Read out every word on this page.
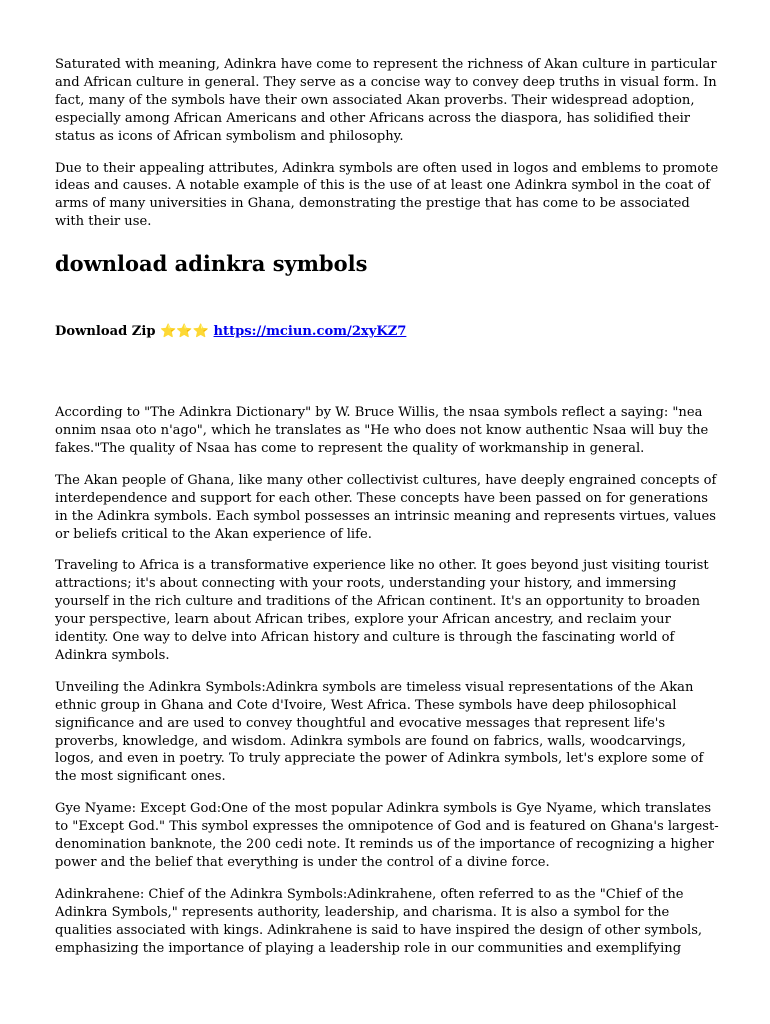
Saturated with meaning, Adinkra have come to represent the richness of Akan culture in particular and African culture in general. They serve as a concise way to convey deep truths in visual form. In fact, many of the symbols have their own associated Akan proverbs. Their widespread adoption, especially among African Americans and other Africans across the diaspora, has solidified their status as icons of African symbolism and philosophy.

Due to their appealing attributes, Adinkra symbols are often used in logos and emblems to promote ideas and causes. A notable example of this is the use of at least one Adinkra symbol in the coat of arms of many universities in Ghana, demonstrating the prestige that has come to be associated with their use.

download adinkra symbols
Download Zip ⭐⭐⭐ https://mciun.com/2xyKZ7

According to "The Adinkra Dictionary" by W. Bruce Willis, the nsaa symbols reflect a saying: "nea onnim nsaa oto n'ago", which he translates as "He who does not know authentic Nsaa will buy the fakes."The quality of Nsaa has come to represent the quality of workmanship in general.

The Akan people of Ghana, like many other collectivist cultures, have deeply engrained concepts of interdependence and support for each other. These concepts have been passed on for generations in the Adinkra symbols. Each symbol possesses an intrinsic meaning and represents virtues, values or beliefs critical to the Akan experience of life.

Traveling to Africa is a transformative experience like no other. It goes beyond just visiting tourist attractions; it's about connecting with your roots, understanding your history, and immersing yourself in the rich culture and traditions of the African continent. It's an opportunity to broaden your perspective, learn about African tribes, explore your African ancestry, and reclaim your identity. One way to delve into African history and culture is through the fascinating world of Adinkra symbols.

Unveiling the Adinkra Symbols:Adinkra symbols are timeless visual representations of the Akan ethnic group in Ghana and Cote d'Ivoire, West Africa. These symbols have deep philosophical significance and are used to convey thoughtful and evocative messages that represent life's proverbs, knowledge, and wisdom. Adinkra symbols are found on fabrics, walls, woodcarvings, logos, and even in poetry. To truly appreciate the power of Adinkra symbols, let's explore some of the most significant ones.

Gye Nyame: Except God:One of the most popular Adinkra symbols is Gye Nyame, which translates to "Except God." This symbol expresses the omnipotence of God and is featured on Ghana's largest-denomination banknote, the 200 cedi note. It reminds us of the importance of recognizing a higher power and the belief that everything is under the control of a divine force.

Adinkrahene: Chief of the Adinkra Symbols:Adinkrahene, often referred to as the "Chief of the Adinkra Symbols," represents authority, leadership, and charisma. It is also a symbol for the qualities associated with kings. Adinkrahene is said to have inspired the design of other symbols, emphasizing the importance of playing a leadership role in our communities and exemplifying
